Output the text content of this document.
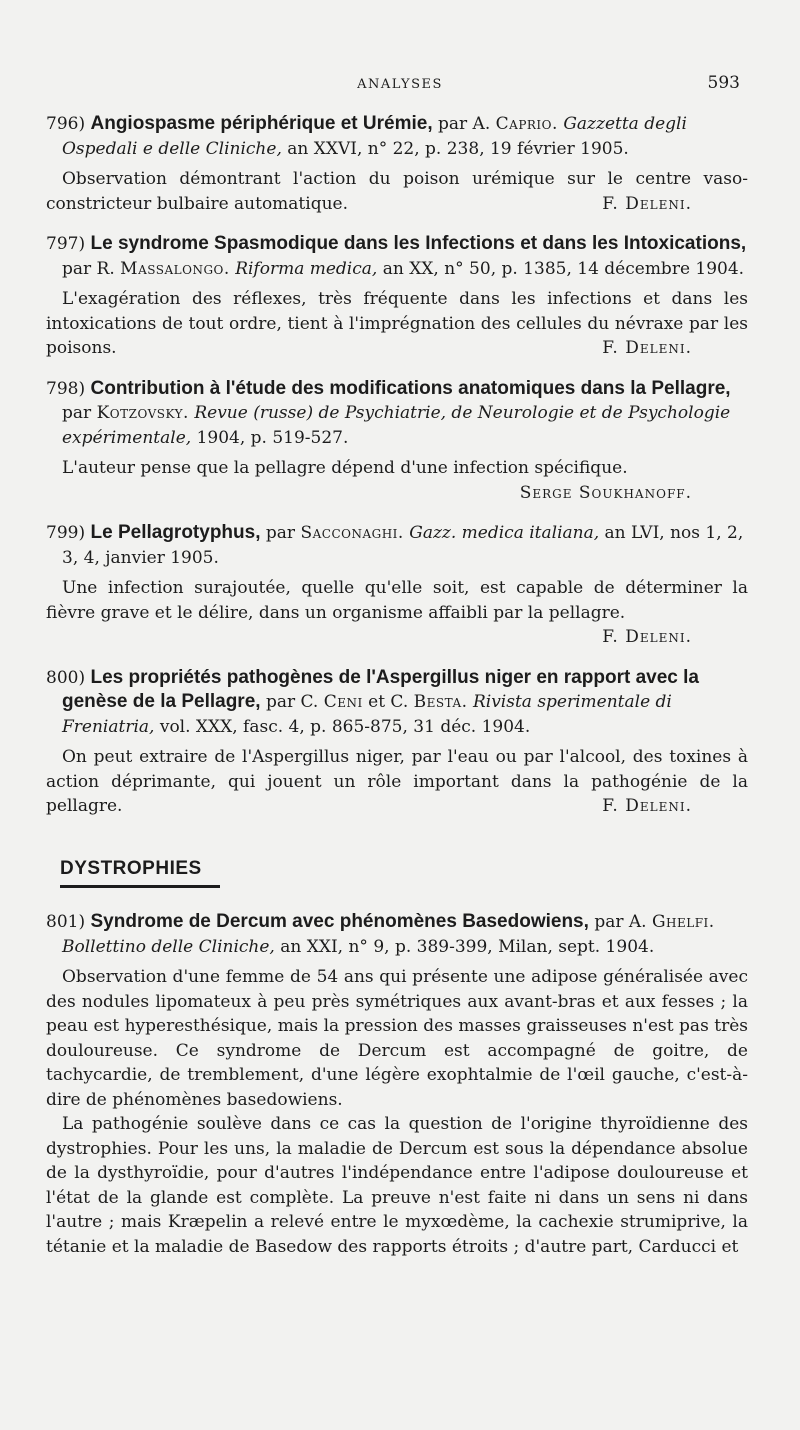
ANALYSES	593

796) Angiospasme périphérique et Urémie, par A. Caprio. Gazzetta degli Ospedali e delle Cliniche, an XXVI, n° 22, p. 238, 19 février 1905.

Observation démontrant l'action du poison urémique sur le centre vaso-constricteur bulbaire automatique.	F. Deleni.

797) Le syndrome Spasmodique dans les Infections et dans les Intoxications, par R. Massalongo. Riforma medica, an XX, n° 50, p. 1385, 14 décembre 1904.

L'exagération des réflexes, très fréquente dans les infections et dans les intoxications de tout ordre, tient à l'imprégnation des cellules du névraxe par les poisons.	F. Deleni.

798) Contribution à l'étude des modifications anatomiques dans la Pellagre, par Kotzovsky. Revue (russe) de Psychiatrie, de Neurologie et de Psychologie expérimentale, 1904, p. 519-527.

L'auteur pense que la pellagre dépend d'une infection spécifique.

Serge Soukhanoff.

799) Le Pellagrotyphus, par Sacconaghi. Gazz. medica italiana, an LVI, nos 1, 2, 3, 4, janvier 1905.

Une infection surajoutée, quelle qu'elle soit, est capable de déterminer la fièvre grave et le délire, dans un organisme affaibli par la pellagre.

F. Deleni.

800) Les propriétés pathogènes de l'Aspergillus niger en rapport avec la genèse de la Pellagre, par C. Ceni et C. Besta. Rivista sperimentale di Freniatria, vol. XXX, fasc. 4, p. 865-875, 31 déc. 1904.

On peut extraire de l'Aspergillus niger, par l'eau ou par l'alcool, des toxines à action déprimante, qui jouent un rôle important dans la pathogénie de la pellagre.	F. Deleni.

DYSTROPHIES

801) Syndrome de Dercum avec phénomènes Basedowiens, par A. Ghelfi. Bollettino delle Cliniche, an XXI, n° 9, p. 389-399, Milan, sept. 1904.

Observation d'une femme de 54 ans qui présente une adipose généralisée avec des nodules lipomateux à peu près symétriques aux avant-bras et aux fesses ; la peau est hyperesthésique, mais la pression des masses graisseuses n'est pas très douloureuse. Ce syndrome de Dercum est accompagné de goitre, de tachycardie, de tremblement, d'une légère exophtalmie de l'œil gauche, c'est-à-dire de phénomènes basedowiens.

La pathogénie soulève dans ce cas la question de l'origine thyroïdienne des dystrophies. Pour les uns, la maladie de Dercum est sous la dépendance absolue de la dysthyroïdie, pour d'autres l'indépendance entre l'adipose douloureuse et l'état de la glande est complète. La preuve n'est faite ni dans un sens ni dans l'autre ; mais Kræpelin a relevé entre le myxœdème, la cachexie strumiprive, la tétanie et la maladie de Basedow des rapports étroits ; d'autre part, Carducci et
